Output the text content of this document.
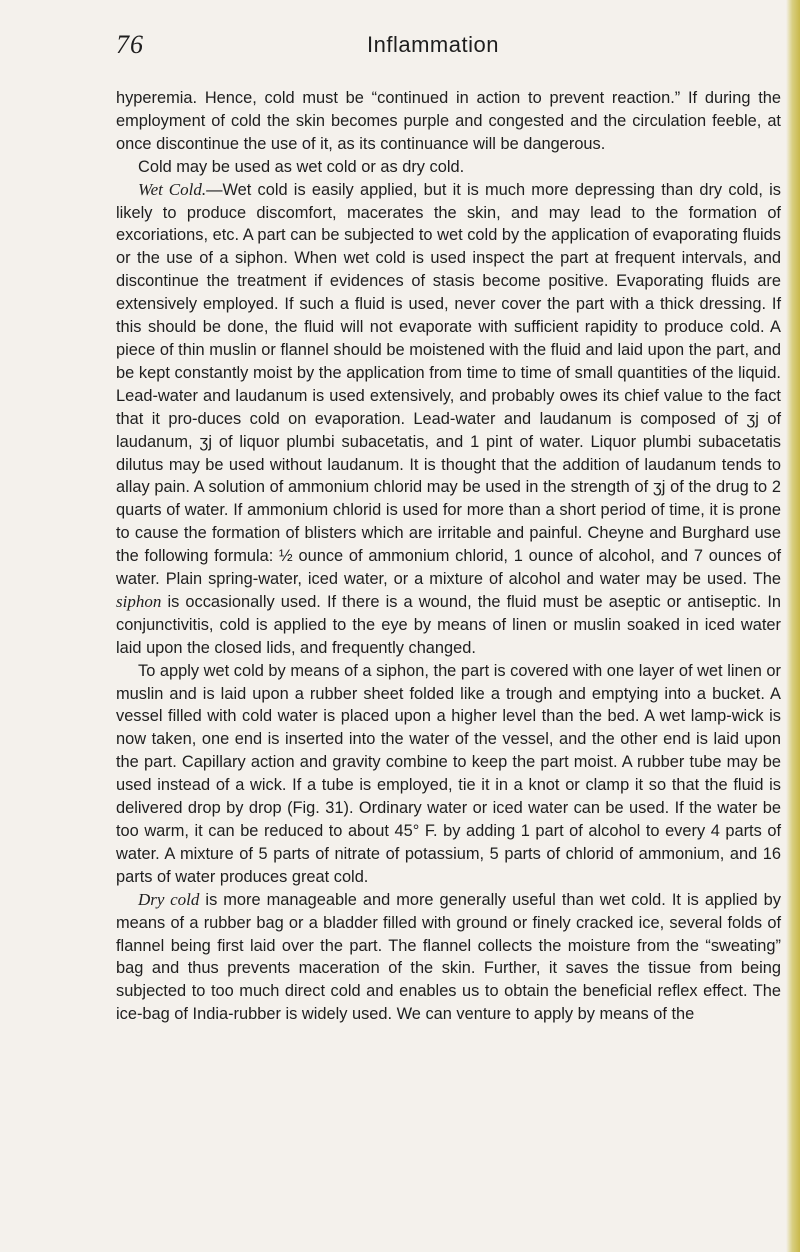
76	Inflammation

hyperemia. Hence, cold must be “continued in action to prevent reaction.” If during the employment of cold the skin becomes purple and congested and the circulation feeble, at once discontinue the use of it, as its continuance will be dangerous.

Cold may be used as wet cold or as dry cold.

Wet Cold.—Wet cold is easily applied, but it is much more depressing than dry cold, is likely to produce discomfort, macerates the skin, and may lead to the formation of excoriations, etc. A part can be subjected to wet cold by the application of evaporating fluids or the use of a siphon. When wet cold is used inspect the part at frequent intervals, and discontinue the treatment if evidences of stasis become positive. Evaporating fluids are extensively employed. If such a fluid is used, never cover the part with a thick dressing. If this should be done, the fluid will not evaporate with sufficient rapidity to produce cold. A piece of thin muslin or flannel should be moistened with the fluid and laid upon the part, and be kept constantly moist by the application from time to time of small quantities of the liquid. Lead-water and laudanum is used extensively, and probably owes its chief value to the fact that it pro-duces cold on evaporation. Lead-water and laudanum is composed of ʒj of laudanum, ʒj of liquor plumbi subacetatis, and 1 pint of water. Liquor plumbi subacetatis dilutus may be used without laudanum. It is thought that the addition of laudanum tends to allay pain. A solution of ammonium chlorid may be used in the strength of ʒj of the drug to 2 quarts of water. If ammonium chlorid is used for more than a short period of time, it is prone to cause the formation of blisters which are irritable and painful. Cheyne and Burghard use the following formula: ½ ounce of ammonium chlorid, 1 ounce of alcohol, and 7 ounces of water. Plain spring-water, iced water, or a mixture of alcohol and water may be used. The siphon is occasionally used. If there is a wound, the fluid must be aseptic or antiseptic. In conjunctivitis, cold is applied to the eye by means of linen or muslin soaked in iced water laid upon the closed lids, and frequently changed.

To apply wet cold by means of a siphon, the part is covered with one layer of wet linen or muslin and is laid upon a rubber sheet folded like a trough and emptying into a bucket. A vessel filled with cold water is placed upon a higher level than the bed. A wet lamp-wick is now taken, one end is inserted into the water of the vessel, and the other end is laid upon the part. Capillary action and gravity combine to keep the part moist. A rubber tube may be used instead of a wick. If a tube is employed, tie it in a knot or clamp it so that the fluid is delivered drop by drop (Fig. 31). Ordinary water or iced water can be used. If the water be too warm, it can be reduced to about 45° F. by adding 1 part of alcohol to every 4 parts of water. A mixture of 5 parts of nitrate of potassium, 5 parts of chlorid of ammonium, and 16 parts of water produces great cold.

Dry cold is more manageable and more generally useful than wet cold. It is applied by means of a rubber bag or a bladder filled with ground or finely cracked ice, several folds of flannel being first laid over the part. The flannel collects the moisture from the “sweating” bag and thus prevents maceration of the skin. Further, it saves the tissue from being subjected to too much direct cold and enables us to obtain the beneficial reflex effect. The ice-bag of India-rubber is widely used. We can venture to apply by means of the
